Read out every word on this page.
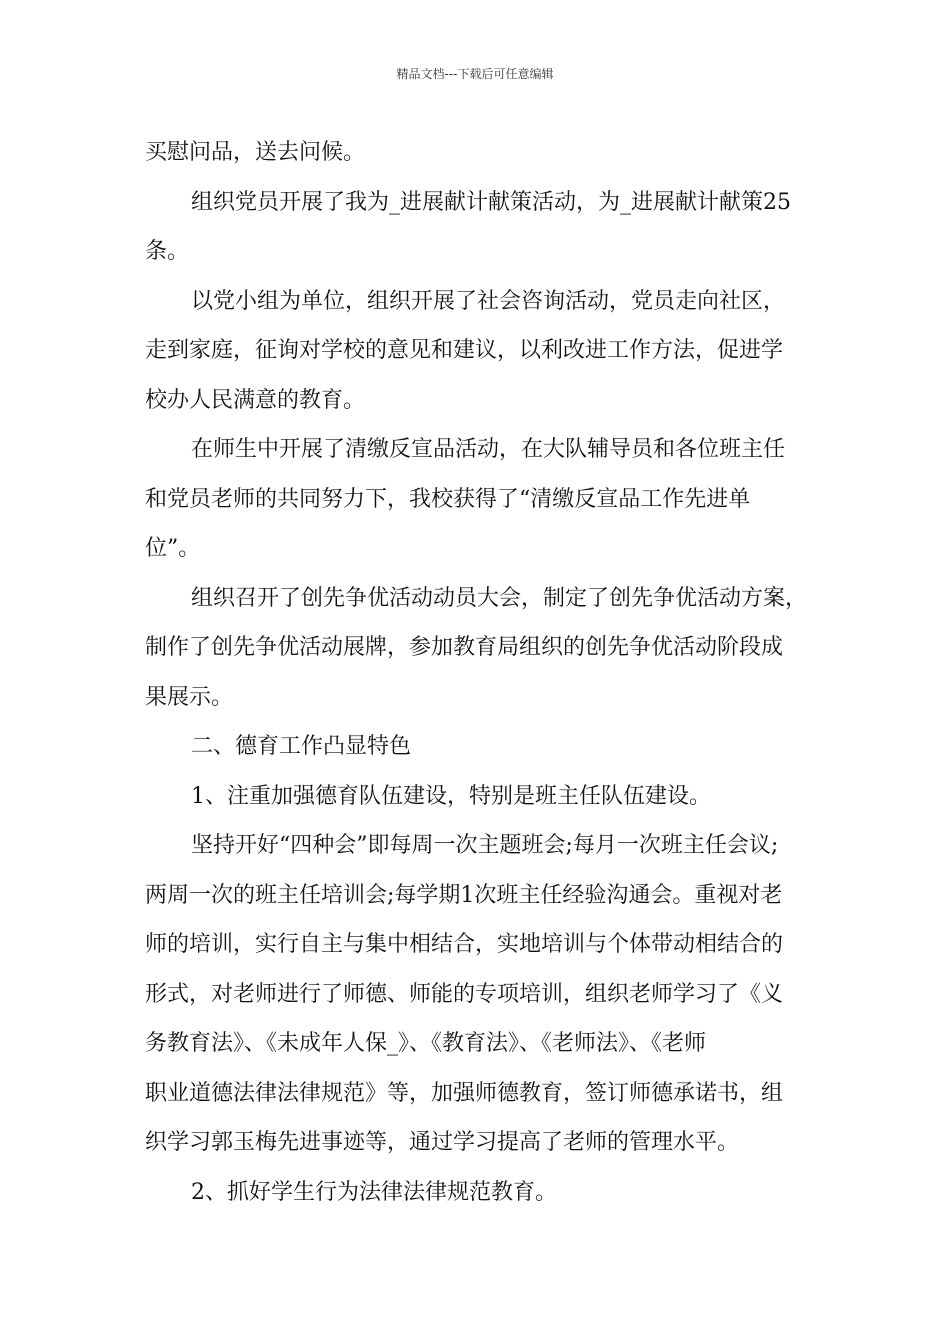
精品文档---下载后可任意编辑
买慰问品，送去问候。
组织党员开展了我为_进展献计献策活动，为_进展献计献策25
条。
以党小组为单位，组织开展了社会咨询活动，党员走向社区，
走到家庭，征询对学校的意见和建议，以利改进工作方法，促进学
校办人民满意的教育。
在师生中开展了清缴反宣品活动，在大队辅导员和各位班主任
和党员老师的共同努力下，我校获得了“清缴反宣品工作先进单
位”。
组织召开了创先争优活动动员大会，制定了创先争优活动方案，
制作了创先争优活动展牌，参加教育局组织的创先争优活动阶段成
果展示。
二、德育工作凸显特色
1、注重加强德育队伍建设，特别是班主任队伍建设。
坚持开好“四种会”即每周一次主题班会;每月一次班主任会议;
两周一次的班主任培训会;每学期1次班主任经验沟通会。重视对老
师的培训，实行自主与集中相结合，实地培训与个体带动相结合的
形式，对老师进行了师德、师能的专项培训，组织老师学习了《义
务教育法》、《未成年人保_》、《教育法》、《老师法》、《老师
职业道德法律法律规范》等，加强师德教育，签订师德承诺书，组
织学习郭玉梅先进事迹等，通过学习提高了老师的管理水平。
2、抓好学生行为法律法律规范教育。
